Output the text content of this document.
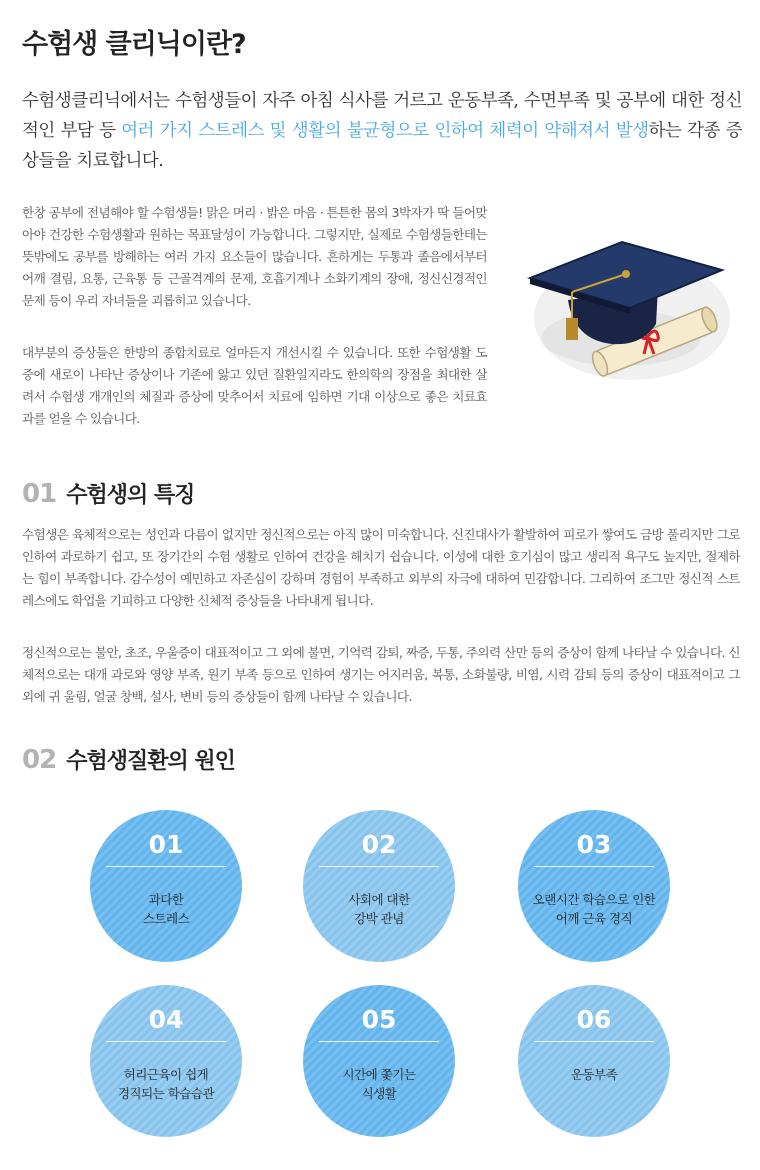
수험생 클리닉이란?

수험생클리닉에서는 수험생들이 자주 아침 식사를 거르고 운동부족, 수면부족 및 공부에 대한 정신적인 부담 등 여러 가지 스트레스 및 생활의 불균형으로 인하여 체력이 약해져서 발생하는 각종 증상들을 치료합니다.

한창 공부에 전념해야 할 수험생들! 맑은 머리 · 밝은 마음 · 튼튼한 몸의 3박자가 딱 들어맞아야 건강한 수험생활과 원하는 목표달성이 가능합니다. 그렇지만, 실제로 수험생들한테는 뜻밖에도 공부를 방해하는 여러 가지 요소들이 많습니다. 흔하게는 두통과 졸음에서부터 어깨 결림, 요통, 근육통 등 근골격계의 문제, 호흡기계나 소화기계의 장애, 정신신경적인 문제 등이 우리 자녀들을 괴롭히고 있습니다.

대부분의 증상들은 한방의 종합치료로 얼마든지 개선시킬 수 있습니다. 또한 수험생활 도중에 새로이 나타난 증상이나 기존에 앓고 있던 질환일지라도 한의학의 장점을 최대한 살려서 수험생 개개인의 체질과 증상에 맞추어서 치료에 임하면 기대 이상으로 좋은 치료효과를 얻을 수 있습니다.

01 수험생의 특징

수험생은 육체적으로는 성인과 다름이 없지만 정신적으로는 아직 많이 미숙합니다. 신진대사가 활발하여 피로가 쌓여도 금방 풀리지만 그로 인하여 과로하기 쉽고, 또 장기간의 수험 생활로 인하여 건강을 해치기 쉽습니다. 이성에 대한 호기심이 많고 생리적 욕구도 높지만, 절제하는 힘이 부족합니다. 감수성이 예민하고 자존심이 강하며 경험이 부족하고 외부의 자극에 대하여 민감합니다. 그리하여 조그만 정신적 스트레스에도 학업을 기피하고 다양한 신체적 증상들을 나타내게 됩니다.

정신적으로는 불안, 초조, 우울증이 대표적이고 그 외에 불면, 기억력 감퇴, 짜증, 두통, 주의력 산만 등의 증상이 함께 나타날 수 있습니다. 신체적으로는 대개 과로와 영양 부족, 원기 부족 등으로 인하여 생기는 어지러움, 복통, 소화불량, 비염, 시력 감퇴 등의 증상이 대표적이고 그 외에 귀 울림, 얼굴 창백, 설사, 변비 등의 증상들이 함께 나타날 수 있습니다.

02 수험생질환의 원인
01
과다한
스트레스
02
사회에 대한
강박 관념
03
오랜시간 학습으로 인한
어깨 근육 경직
04
허리근육이 쉽게
경직되는 학습습관
05
시간에 쫓기는
식생활
06
운동부족
